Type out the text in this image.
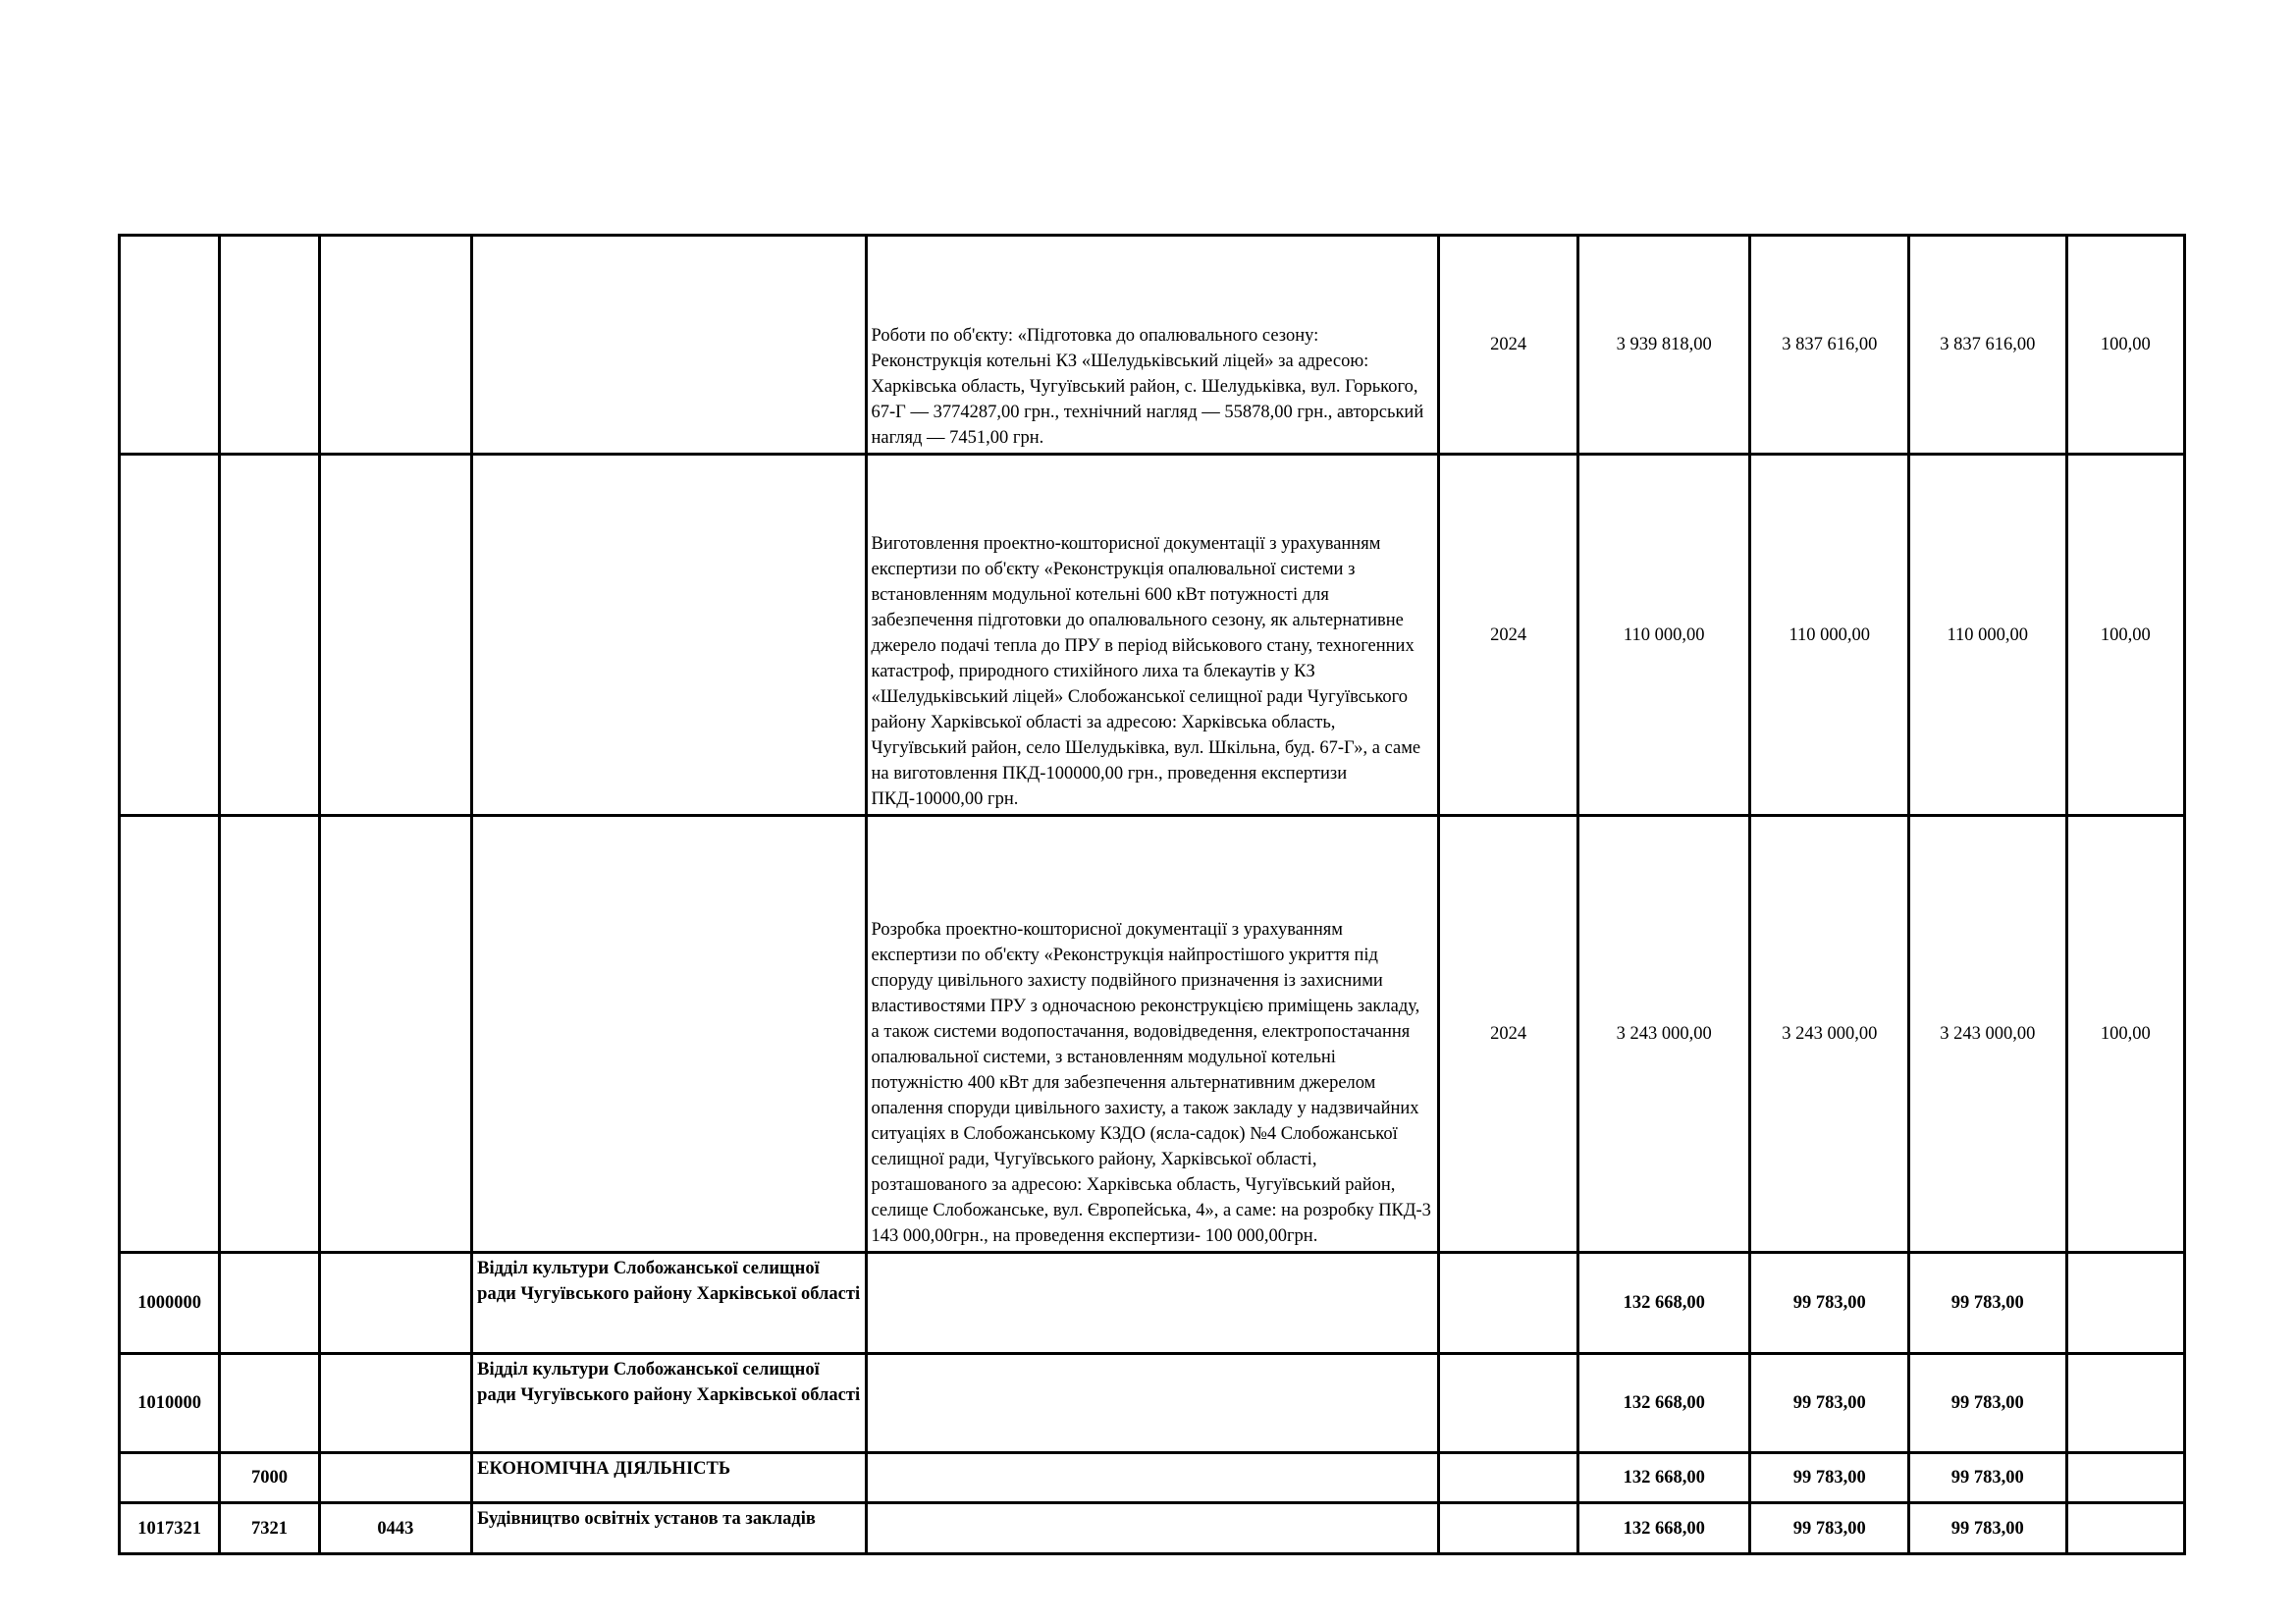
				Роботи по об'єкту: «Підготовка до опалювального сезону: Реконструкція котельні КЗ «Шелудьківський ліцей» за адресою: Харківська область, Чугуївський район, с. Шелудьківка, вул. Горького, 67-Г — 3774287,00 грн., технічний нагляд — 55878,00 грн., авторський нагляд — 7451,00 грн.	2024	3 939 818,00	3 837 616,00	3 837 616,00	100,00
				Виготовлення проектно-кошторисної документації з урахуванням експертизи по об'єкту «Реконструкція опалювальної системи з встановленням модульної котельні 600 кВт потужності для забезпечення підготовки до опалювального сезону, як альтернативне джерело подачі тепла до ПРУ в період військового стану, техногенних катастроф, природного стихійного лиха та блекаутів у КЗ «Шелудьківський ліцей» Слобожанської селищної ради Чугуївського району Харківської області за адресою: Харківська область, Чугуївський район, село Шелудьківка, вул. Шкільна, буд. 67-Г», а саме на виготовлення ПКД-100000,00 грн., проведення експертизи ПКД-10000,00 грн.	2024	110 000,00	110 000,00	110 000,00	100,00
				Розробка проектно-кошторисної документації з урахуванням експертизи по об'єкту «Реконструкція найпростішого укриття під споруду цивільного захисту подвійного призначення із захисними властивостями ПРУ з одночасною реконструкцією приміщень закладу, а також системи водопостачання, водовідведення, електропостачання опалювальної системи, з встановленням модульної котельні потужністю 400 кВт для забезпечення альтернативним джерелом опалення споруди цивільного захисту, а також закладу у надзвичайних ситуаціях в Слобожанському КЗДО (ясла-садок) №4 Слобожанської селищної ради, Чугуївського району, Харківської області, розташованого за адресою: Харківська область, Чугуївський район, селище Слобожанське, вул. Європейська, 4», а саме: на розробку ПКД-3 143 000,00грн., на проведення експертизи- 100 000,00грн.	2024	3 243 000,00	3 243 000,00	3 243 000,00	100,00
1000000			Відділ культури Слобожанської селищної ради Чугуївського району Харківської області			132 668,00	99 783,00	99 783,00	
1010000			Відділ культури Слобожанської селищної ради Чугуївського району Харківської області			132 668,00	99 783,00	99 783,00	
	7000		ЕКОНОМІЧНА ДІЯЛЬНІСТЬ			132 668,00	99 783,00	99 783,00	
1017321	7321	0443	Будівництво освітніх установ та закладів			132 668,00	99 783,00	99 783,00	
